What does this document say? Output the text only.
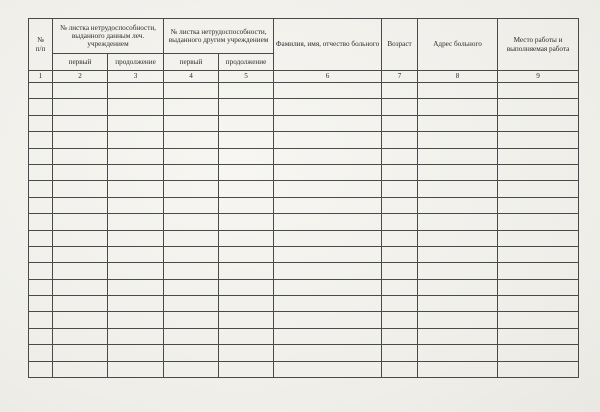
№
п/п	№ листка нетрудоспособности, выданного данным леч. учреждением		№ листка нетрудоспособности, выданного другим учреждением		Фамилия, имя, отчество больного	Возраст	Адрес больного	Место работы и выполняемая работа
	первый	продолжение	первый	продолжение				
1	2	3	4	5	6	7	8	9
